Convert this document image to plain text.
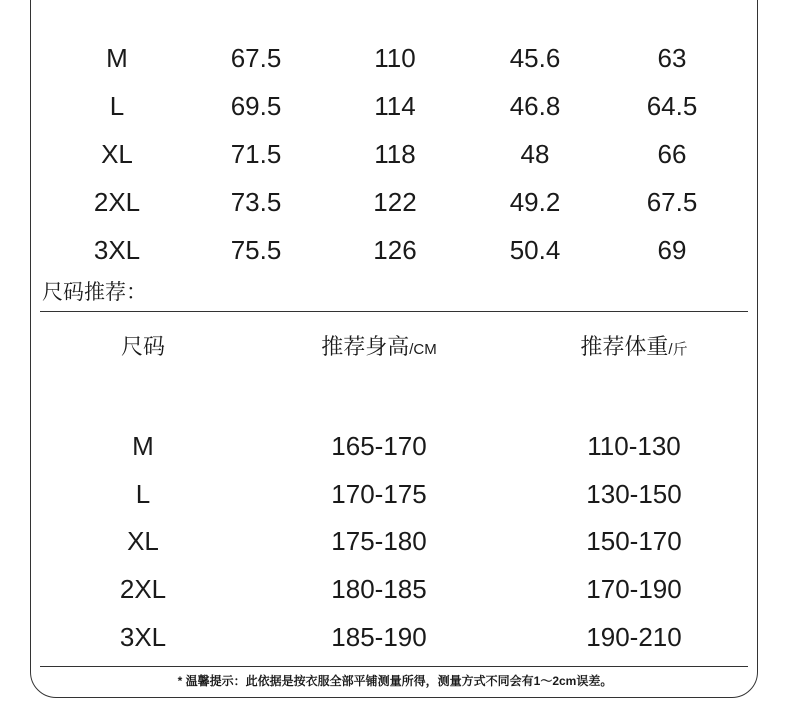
M	67.5	110	45.6	63
L	69.5	114	46.8	64.5
XL	71.5	118	48	66
2XL	73.5	122	49.2	67.5
3XL	75.5	126	50.4	69
尺码推荐：
尺码	推荐身高/CM	推荐体重/斤
M	165-170	110-130
L	170-175	130-150
XL	175-180	150-170
2XL	180-185	170-190
3XL	185-190	190-210
* 温馨提示：此依据是按衣服全部平铺测量所得，测量方式不同会有1～2cm误差。
